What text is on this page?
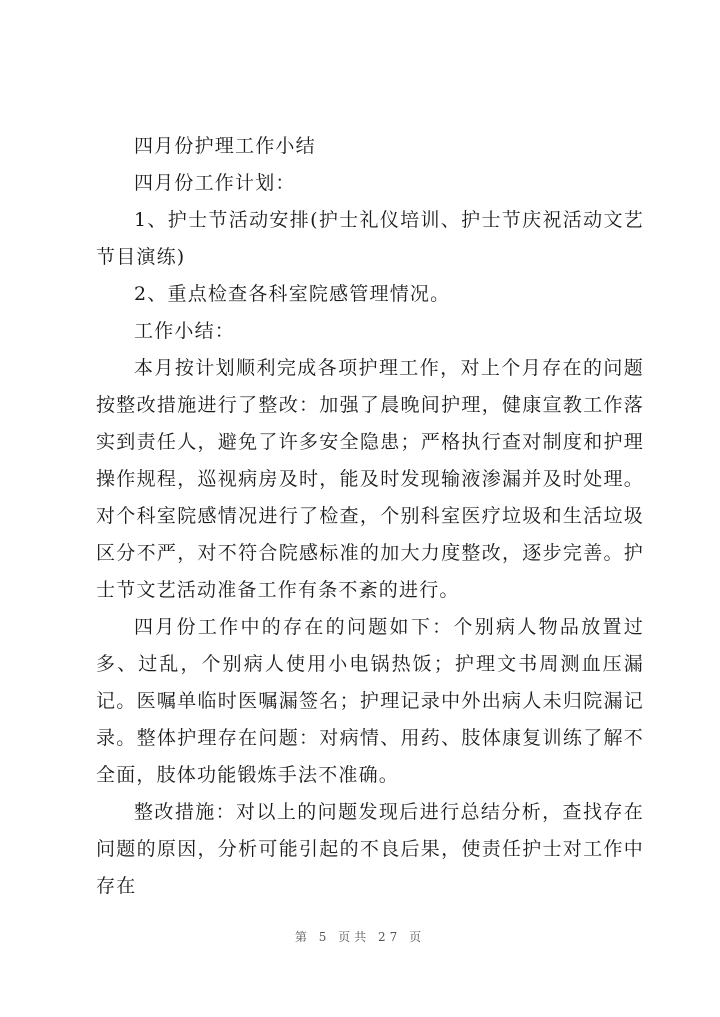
四月份护理工作小结

四月份工作计划：

1、护士节活动安排(护士礼仪培训、护士节庆祝活动文艺节目演练)

2、重点检查各科室院感管理情况。

工作小结：

本月按计划顺利完成各项护理工作，对上个月存在的问题按整改措施进行了整改：加强了晨晚间护理，健康宣教工作落实到责任人，避免了许多安全隐患；严格执行查对制度和护理操作规程，巡视病房及时，能及时发现输液渗漏并及时处理。对个科室院感情况进行了检查，个别科室医疗垃圾和生活垃圾区分不严，对不符合院感标准的加大力度整改，逐步完善。护士节文艺活动准备工作有条不紊的进行。

四月份工作中的存在的问题如下：个别病人物品放置过多、过乱，个别病人使用小电锅热饭；护理文书周测血压漏记。医嘱单临时医嘱漏签名；护理记录中外出病人未归院漏记录。整体护理存在问题：对病情、用药、肢体康复训练了解不全面，肢体功能锻炼手法不准确。

整改措施：对以上的问题发现后进行总结分析，查找存在问题的原因，分析可能引起的不良后果，使责任护士对工作中存在

第 5 页共 27 页
